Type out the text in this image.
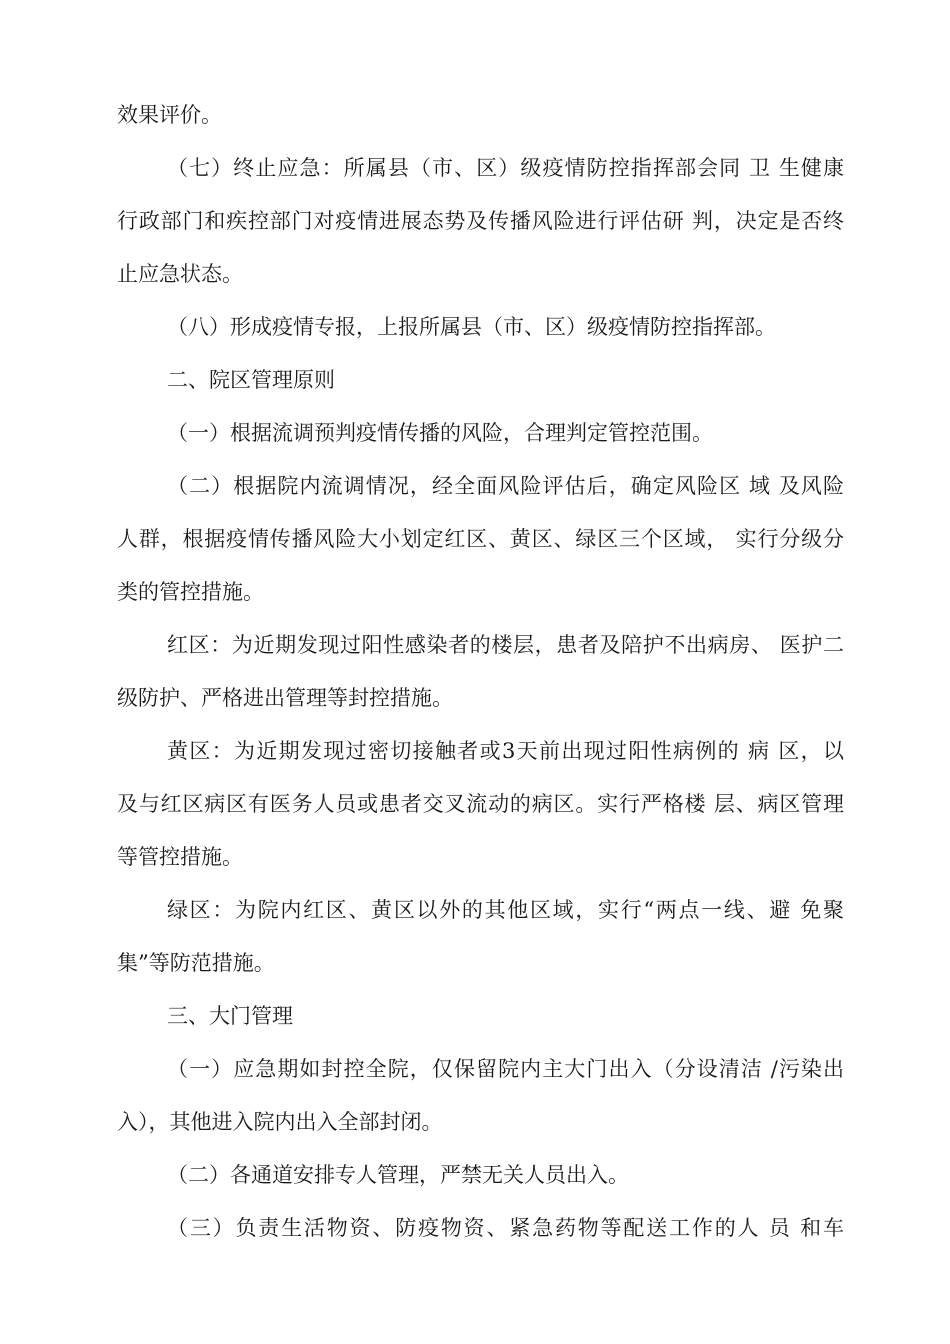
效果评价。
（七）终止应急：所属县（市、区）级疫情防控指挥部会同 卫 生健康
行政部门和疾控部门对疫情进展态势及传播风险进行评估研 判，决定是否终
止应急状态。
（八）形成疫情专报，上报所属县（市、区）级疫情防控指挥部。
二、院区管理原则
（一）根据流调预判疫情传播的风险，合理判定管控范围。
（二）根据院内流调情况，经全面风险评估后，确定风险区 域 及风险
人群，根据疫情传播风险大小划定红区、黄区、绿区三个区域， 实行分级分
类的管控措施。
红区：为近期发现过阳性感染者的楼层，患者及陪护不出病房、 医护二
级防护、严格进出管理等封控措施。
黄区：为近期发现过密切接触者或3天前出现过阳性病例的 病 区，以
及与红区病区有医务人员或患者交叉流动的病区。实行严格楼 层、病区管理
等管控措施。
绿区：为院内红区、黄区以外的其他区域，实行“两点一线、避 免聚
集”等防范措施。
三、大门管理
（一）应急期如封控全院，仅保留院内主大门出入（分设清洁 /污染出
入），其他进入院内出入全部封闭。
（二）各通道安排专人管理，严禁无关人员出入。
（三）负责生活物资、防疫物资、紧急药物等配送工作的人 员 和车
